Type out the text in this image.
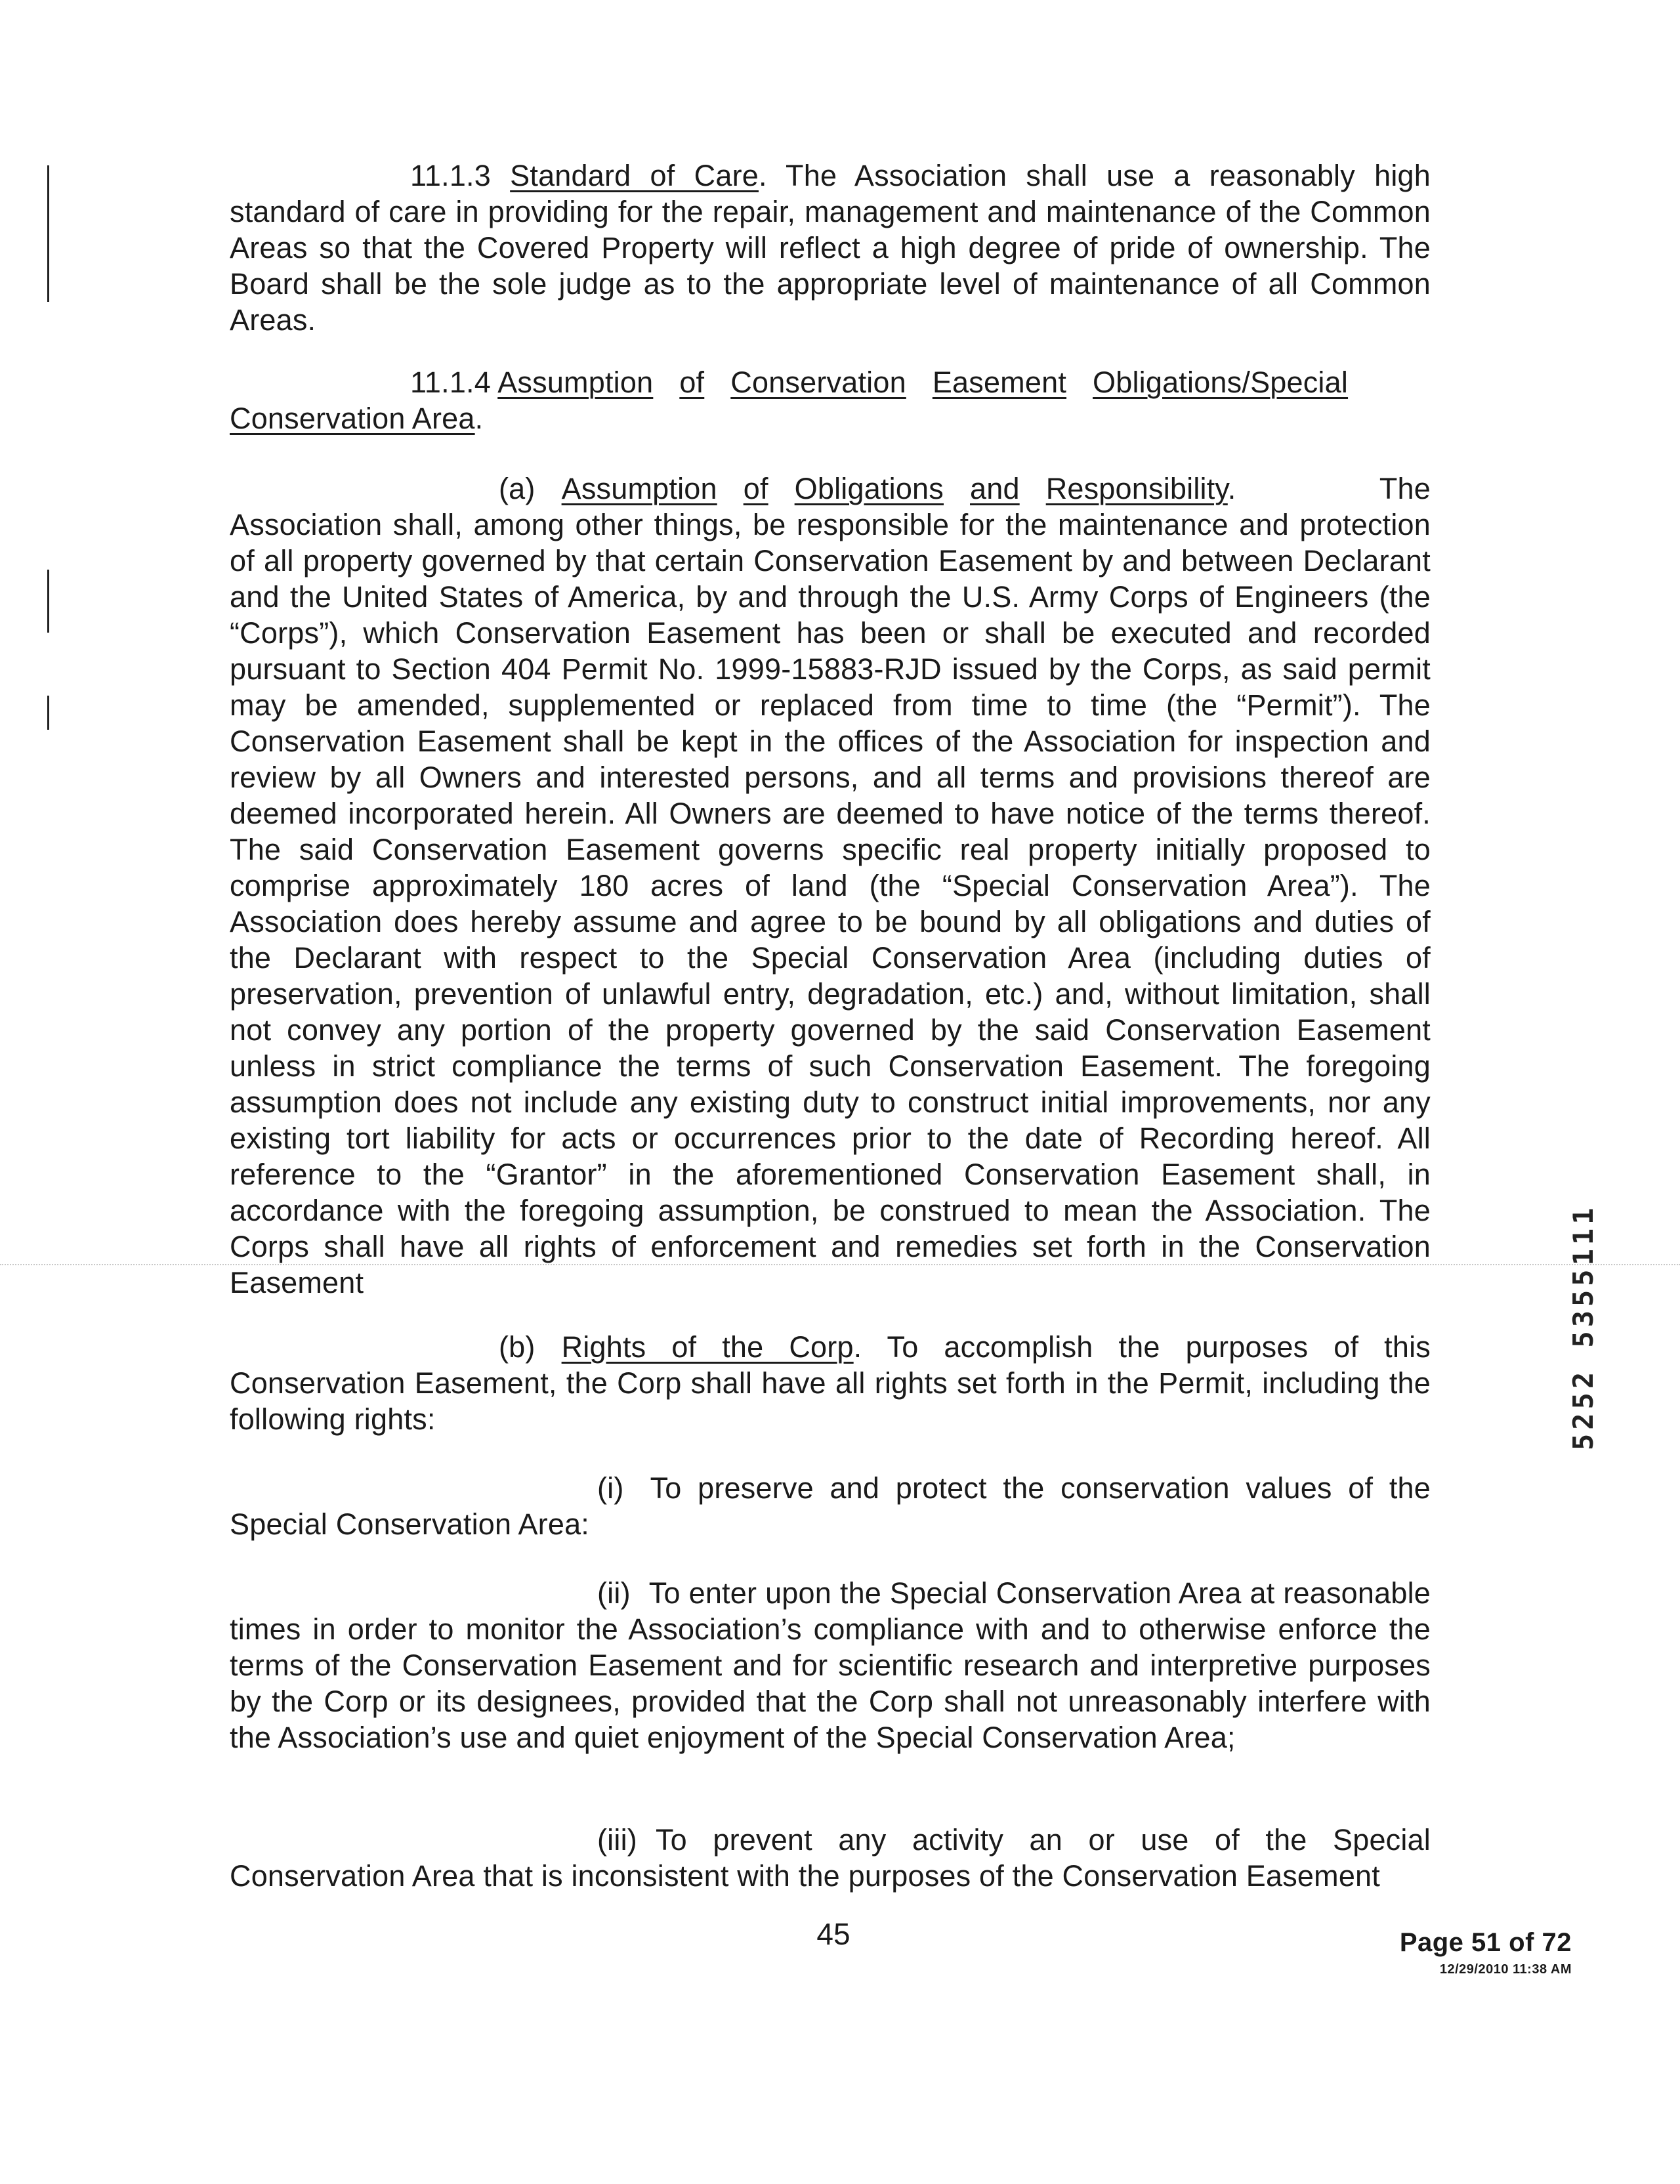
11.1.3 Standard of Care. The Association shall use a reasonably high standard of care in providing for the repair, management and maintenance of the Common Areas so that the Covered Property will reflect a high degree of pride of ownership. The Board shall be the sole judge as to the appropriate level of maintenance of all Common Areas.
11.1.4 Assumption of Conservation Easement Obligations/Special Conservation Area.
(a) Assumption of Obligations and Responsibility. The Association shall, among other things, be responsible for the maintenance and protection of all property governed by that certain Conservation Easement by and between Declarant and the United States of America, by and through the U.S. Army Corps of Engineers (the “Corps”), which Conservation Easement has been or shall be executed and recorded pursuant to Section 404 Permit No. 1999-15883-RJD issued by the Corps, as said permit may be amended, supplemented or replaced from time to time (the “Permit”). The Conservation Easement shall be kept in the offices of the Association for inspection and review by all Owners and interested persons, and all terms and provisions thereof are deemed incorporated herein. All Owners are deemed to have notice of the terms thereof. The said Conservation Easement governs specific real property initially proposed to comprise approximately 180 acres of land (the “Special Conservation Area”). The Association does hereby assume and agree to be bound by all obligations and duties of the Declarant with respect to the Special Conservation Area (including duties of preservation, prevention of unlawful entry, degradation, etc.) and, without limitation, shall not convey any portion of the property governed by the said Conservation Easement unless in strict compliance the terms of such Conservation Easement. The foregoing assumption does not include any existing duty to construct initial improvements, nor any existing tort liability for acts or occurrences prior to the date of Recording hereof. All reference to the “Grantor” in the aforementioned Conservation Easement shall, in accordance with the foregoing assumption, be construed to mean the Association. The Corps shall have all rights of enforcement and remedies set forth in the Conservation Easement
(b) Rights of the Corp. To accomplish the purposes of this Conservation Easement, the Corp shall have all rights set forth in the Permit, including the following rights:
(i) To preserve and protect the conservation values of the Special Conservation Area:
(ii) To enter upon the Special Conservation Area at reasonable times in order to monitor the Association’s compliance with and to otherwise enforce the terms of the Conservation Easement and for scientific research and interpretive purposes by the Corp or its designees, provided that the Corp shall not unreasonably interfere with the Association’s use and quiet enjoyment of the Special Conservation Area;
(iii) To prevent any activity an or use of the Special Conservation Area that is inconsistent with the purposes of the Conservation Easement
45	Page 51 of 72
12/29/2010 11:38 AM
5252 5355111
